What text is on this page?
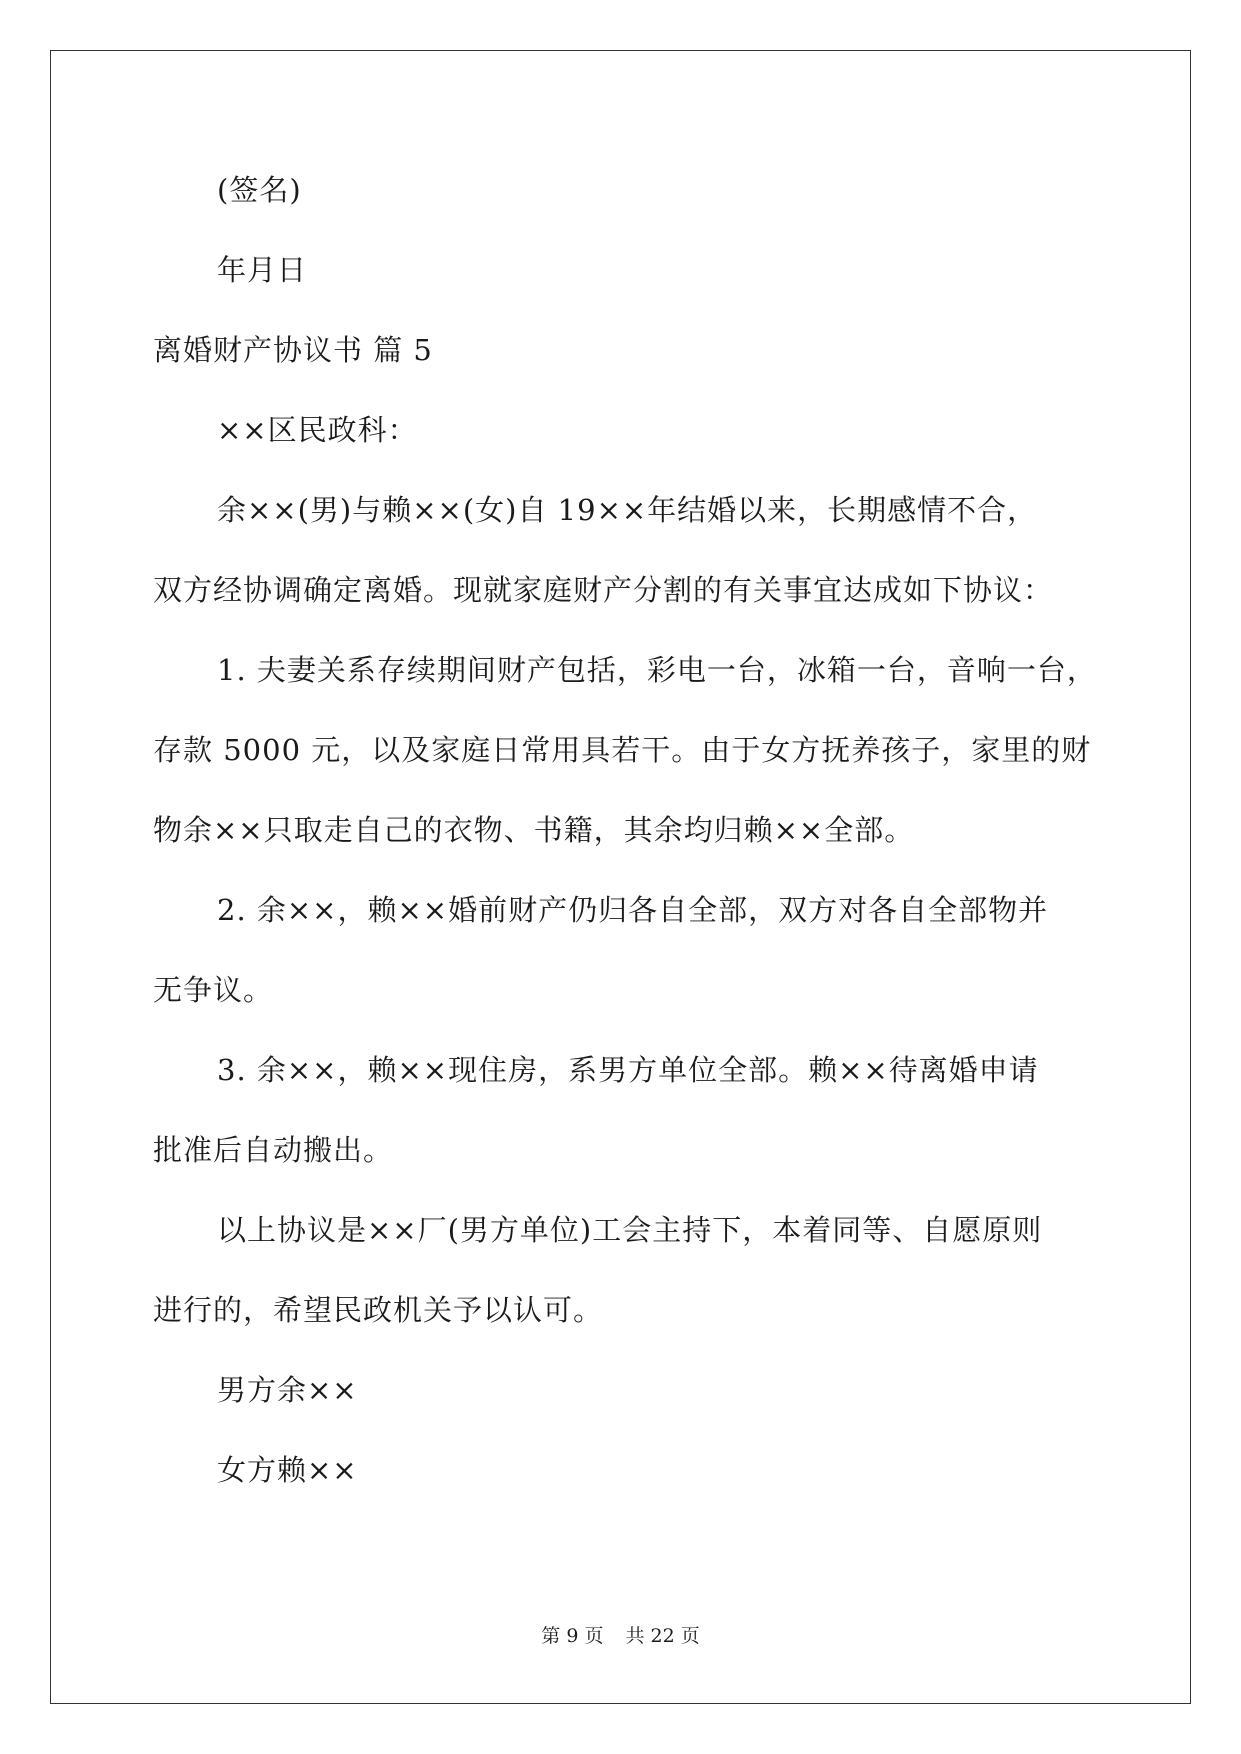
(签名)
年月日
离婚财产协议书 篇 5
××区民政科：
余××(男)与赖××(女)自 19××年结婚以来，长期感情不合，
双方经协调确定离婚。现就家庭财产分割的有关事宜达成如下协议：
1. 夫妻关系存续期间财产包括，彩电一台，冰箱一台，音响一台，
存款 5000 元，以及家庭日常用具若干。由于女方抚养孩子，家里的财
物余××只取走自己的衣物、书籍，其余均归赖××全部。
2. 余××，赖××婚前财产仍归各自全部，双方对各自全部物并
无争议。
3. 余××，赖××现住房，系男方单位全部。赖××待离婚申请
批准后自动搬出。
以上协议是××厂(男方单位)工会主持下，本着同等、自愿原则
进行的，希望民政机关予以认可。
男方余××
女方赖××
第 9 页 共 22 页
